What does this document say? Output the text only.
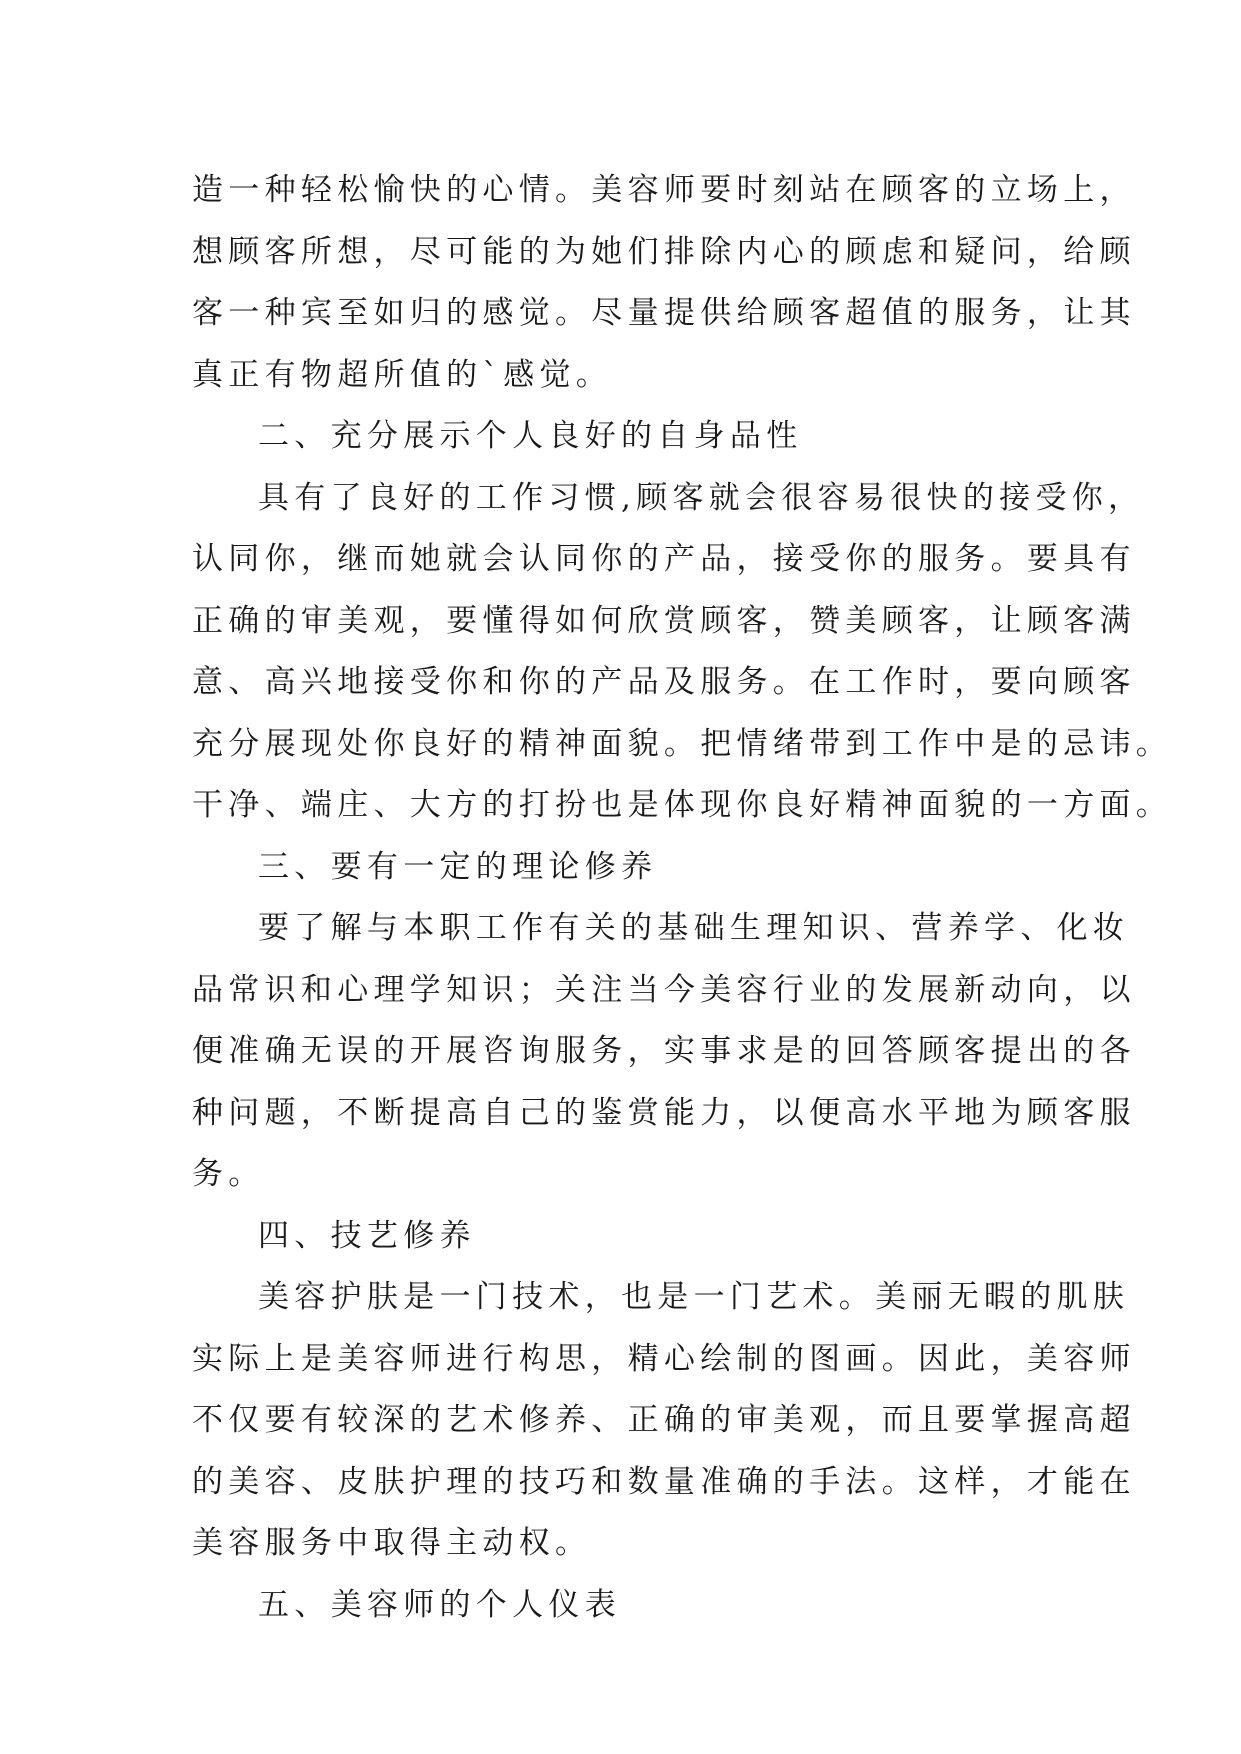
造一种轻松愉快的心情。美容师要时刻站在顾客的立场上，
想顾客所想，尽可能的为她们排除内心的顾虑和疑问，给顾
客一种宾至如归的感觉。尽量提供给顾客超值的服务，让其
真正有物超所值的`感觉。
二、充分展示个人良好的自身品性
具有了良好的工作习惯,顾客就会很容易很快的接受你，
认同你，继而她就会认同你的产品，接受你的服务。要具有
正确的审美观，要懂得如何欣赏顾客，赞美顾客，让顾客满
意、高兴地接受你和你的产品及服务。在工作时，要向顾客
充分展现处你良好的精神面貌。把情绪带到工作中是的忌讳。
干净、端庄、大方的打扮也是体现你良好精神面貌的一方面。
三、要有一定的理论修养
要了解与本职工作有关的基础生理知识、营养学、化妆
品常识和心理学知识；关注当今美容行业的发展新动向，以
便准确无误的开展咨询服务，实事求是的回答顾客提出的各
种问题，不断提高自己的鉴赏能力，以便高水平地为顾客服
务。
四、技艺修养
美容护肤是一门技术，也是一门艺术。美丽无暇的肌肤
实际上是美容师进行构思，精心绘制的图画。因此，美容师
不仅要有较深的艺术修养、正确的审美观，而且要掌握高超
的美容、皮肤护理的技巧和数量准确的手法。这样，才能在
美容服务中取得主动权。
五、美容师的个人仪表
